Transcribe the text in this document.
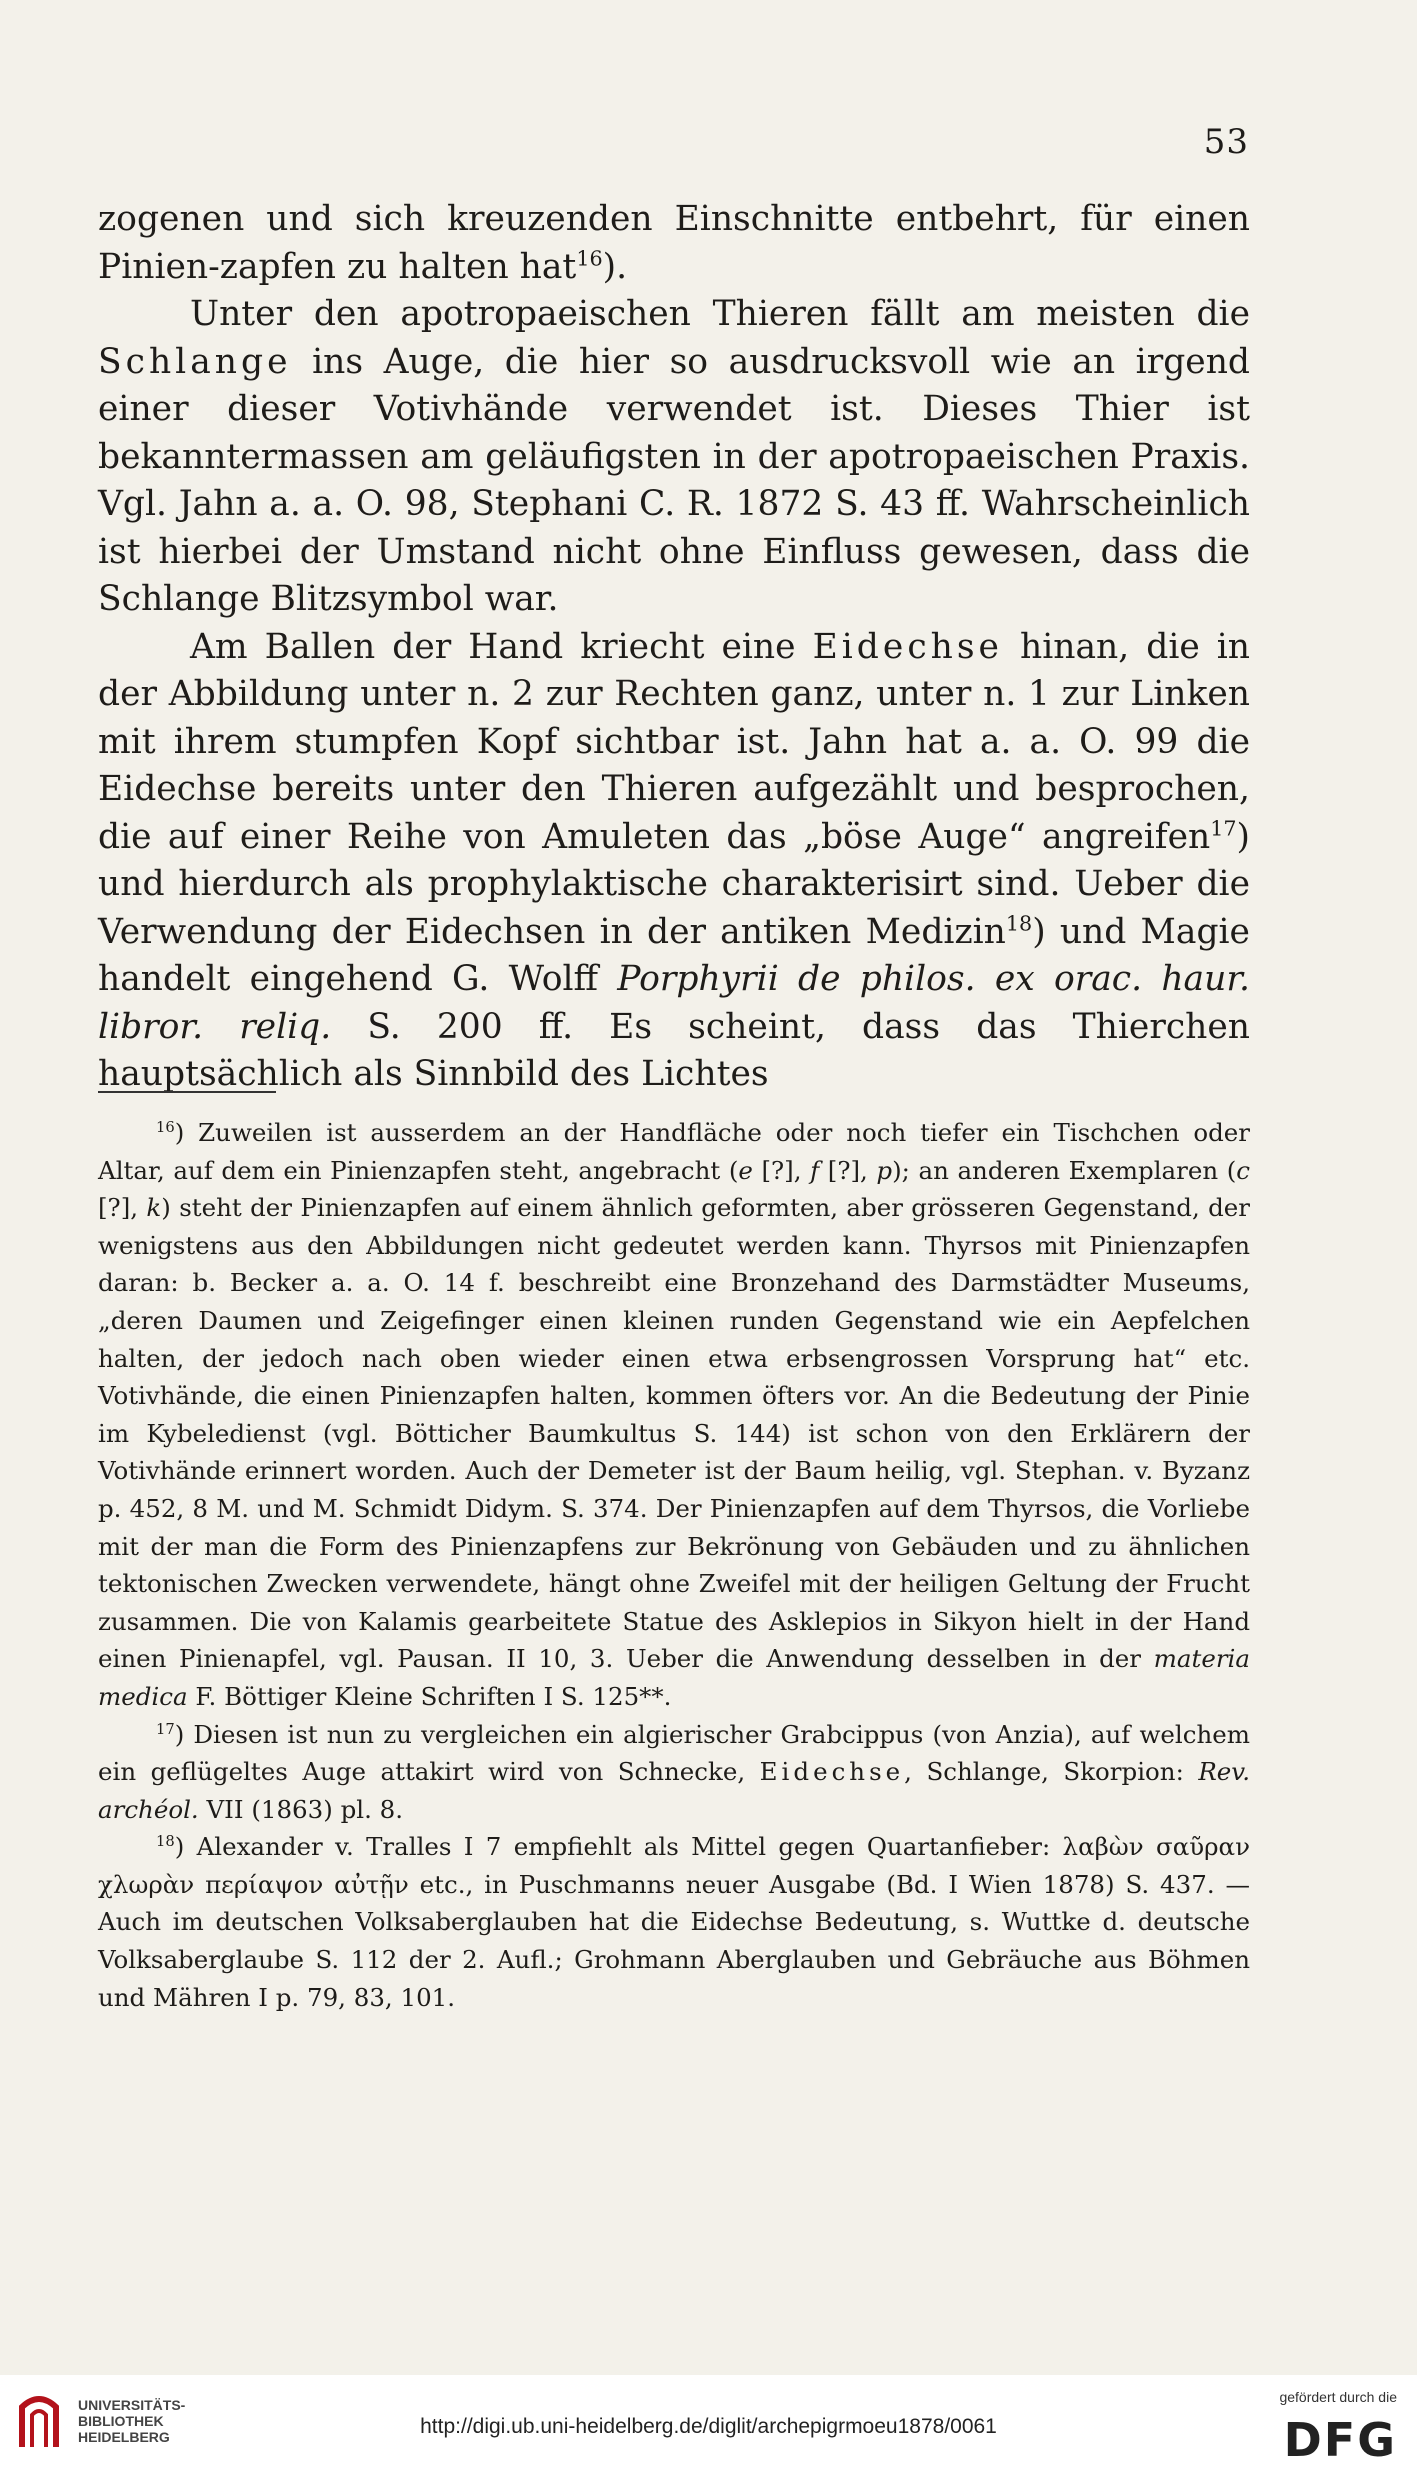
53

zogenen und sich kreuzenden Einschnitte entbehrt, für einen Pinien-zapfen zu halten hat$^{16}$).

Unter den apotropaeischen Thieren fällt am meisten die Schlange ins Auge, die hier so ausdrucksvoll wie an irgend einer dieser Votivhände verwendet ist. Dieses Thier ist bekanntermassen am geläufigsten in der apotropaeischen Praxis. Vgl. Jahn a. a. O. 98, Stephani C. R. 1872 S. 43 ff. Wahrscheinlich ist hierbei der Umstand nicht ohne Einfluss gewesen, dass die Schlange Blitzsymbol war.

Am Ballen der Hand kriecht eine Eidechse hinan, die in der Abbildung unter n. 2 zur Rechten ganz, unter n. 1 zur Linken mit ihrem stumpfen Kopf sichtbar ist. Jahn hat a. a. O. 99 die Eidechse bereits unter den Thieren aufgezählt und besprochen, die auf einer Reihe von Amuleten das „böse Auge“ angreifen$^{17}$) und hierdurch als prophylaktische charakterisirt sind. Ueber die Verwendung der Eidechsen in der antiken Medizin$^{18}$) und Magie handelt eingehend G. Wolff Porphyrii de philos. ex orac. haur. libror. reliq. S. 200 ff. Es scheint, dass das Thierchen hauptsächlich als Sinnbild des Lichtes

$^{16}$) Zuweilen ist ausserdem an der Handfläche oder noch tiefer ein Tischchen oder Altar, auf dem ein Pinienzapfen steht, angebracht (e [?], f [?], p); an anderen Exemplaren (c [?], k) steht der Pinienzapfen auf einem ähnlich geformten, aber grösseren Gegenstand, der wenigstens aus den Abbildungen nicht gedeutet werden kann. Thyrsos mit Pinienzapfen daran: b. Becker a. a. O. 14 f. beschreibt eine Bronzehand des Darmstädter Museums, „deren Daumen und Zeigefinger einen kleinen runden Gegenstand wie ein Aepfelchen halten, der jedoch nach oben wieder einen etwa erbsengrossen Vorsprung hat“ etc. Votivhände, die einen Pinienzapfen halten, kommen öfters vor. An die Bedeutung der Pinie im Kybeledienst (vgl. Bötticher Baumkultus S. 144) ist schon von den Erklärern der Votivhände erinnert worden. Auch der Demeter ist der Baum heilig, vgl. Stephan. v. Byzanz p. 452, 8 M. und M. Schmidt Didym. S. 374. Der Pinienzapfen auf dem Thyrsos, die Vorliebe mit der man die Form des Pinienzapfens zur Bekrönung von Gebäuden und zu ähnlichen tektonischen Zwecken verwendete, hängt ohne Zweifel mit der heiligen Geltung der Frucht zusammen. Die von Kalamis gearbeitete Statue des Asklepios in Sikyon hielt in der Hand einen Pinienapfel, vgl. Pausan. II 10, 3. Ueber die Anwendung desselben in der materia medica F. Böttiger Kleine Schriften I S. 125**.

$^{17}$) Diesen ist nun zu vergleichen ein algierischer Grabcippus (von Anzia), auf welchem ein geflügeltes Auge attakirt wird von Schnecke, Eidechse, Schlange, Skorpion: Rev. archéol. VII (1863) pl. 8.

$^{18}$) Alexander v. Tralles I 7 empfiehlt als Mittel gegen Quartanfieber: λαβὼν σαῦραν χλωρὰν περίαψον αὐτῇν etc., in Puschmanns neuer Ausgabe (Bd. I Wien 1878) S. 437. — Auch im deutschen Volksaberglauben hat die Eidechse Bedeutung, s. Wuttke d. deutsche Volksaberglaube S. 112 der 2. Aufl.; Grohmann Aberglauben und Gebräuche aus Böhmen und Mähren I p. 79, 83, 101.

UNIVERSITÄTS-
BIBLIOTHEK
HEIDELBERG	http://digi.ub.uni-heidelberg.de/diglit/archepigrmoeu1878/0061
gefördert durch die
DFG
